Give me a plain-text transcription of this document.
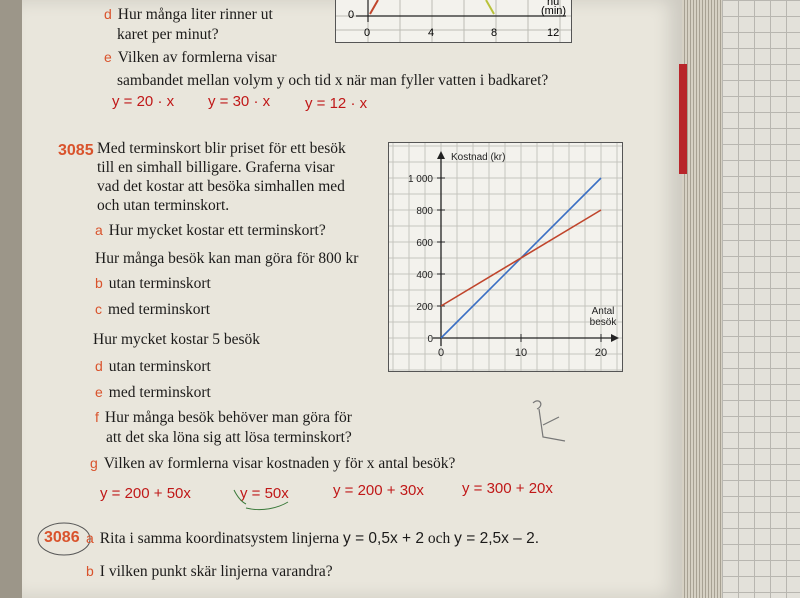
0
0	4	8	12
nu
(min)
d Hur många liter rinner ut
karet per minut?
e Vilken av formlerna visar
sambandet mellan volym y och tid x när man fyller vatten i badkaret?
y = 20 · x y = 30 · x y = 12 · x
3085 Med terminskort blir priset för ett besök
till en simhall billigare. Graferna visar
vad det kostar att besöka simhallen med
och utan terminskort.
a Hur mycket kostar ett terminskort?
Hur många besök kan man göra för 800 kr
b utan terminskort
c med terminskort
Hur mycket kostar 5 besök
d utan terminskort
e med terminskort
f Hur många besök behöver man göra för
att det ska löna sig att lösa terminskort?
g Vilken av formlerna visar kostnaden y för x antal besök?
y = 200 + 50x	y = 50x	y = 200 + 30x	y = 300 + 20x
3086 a Rita i samma koordinatsystem linjerna y = 0,5x + 2 och y = 2,5x – 2.
b I vilken punkt skär linjerna varandra?
0
200
400
600
800
1 000
0	10	20
Kostnad (kr)
Antal
besök
